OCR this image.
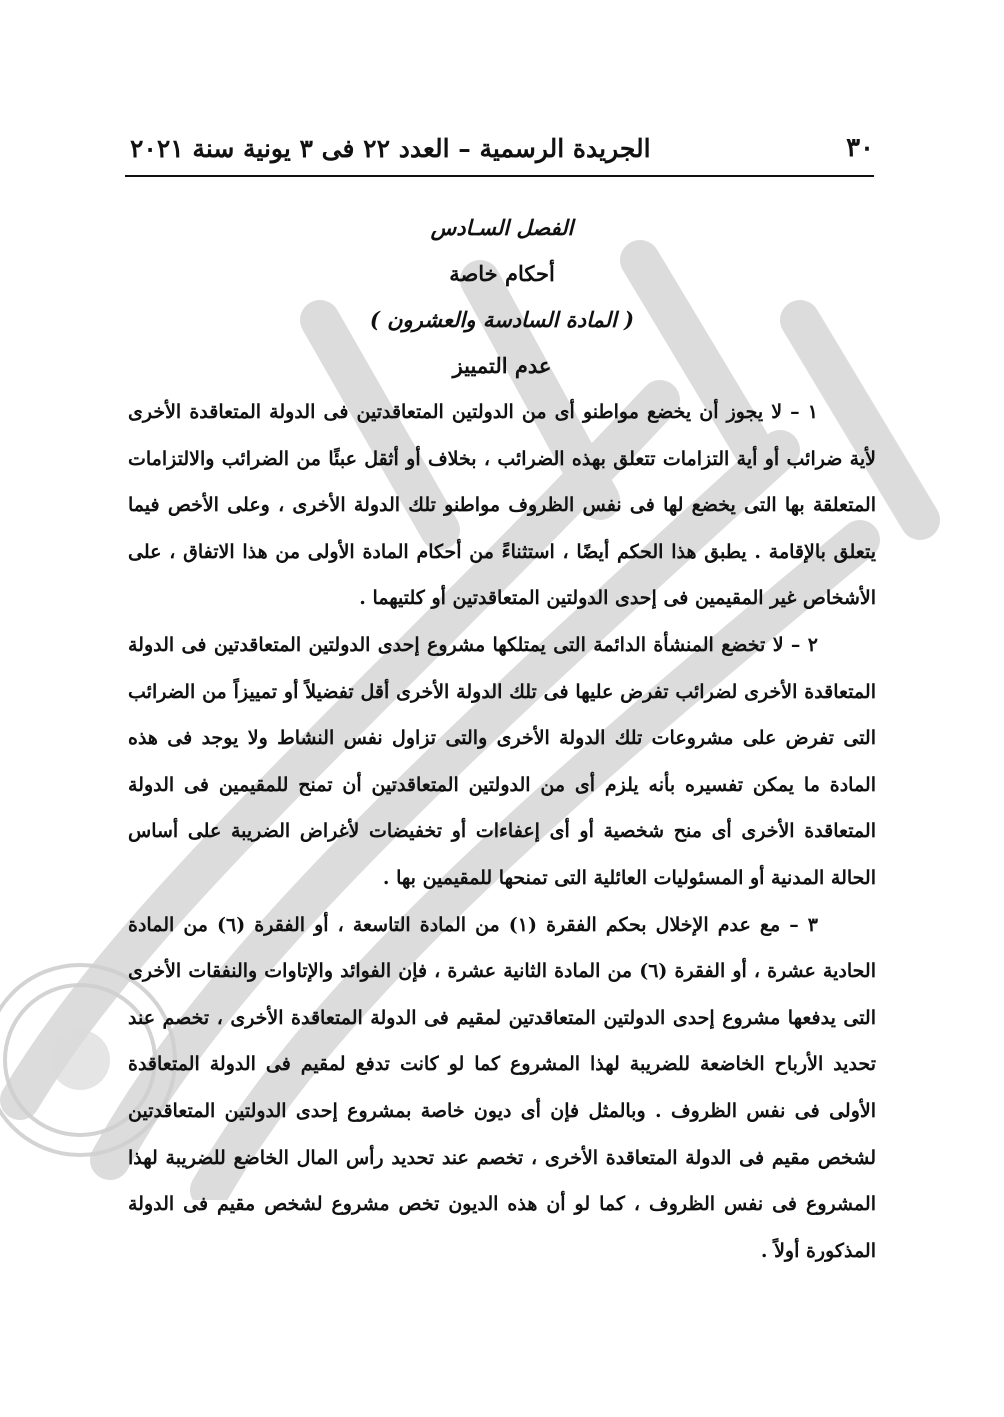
٣٠
الجريدة الرسمية – العدد ٢٢ فى ٣ يونية سنة ٢٠٢١

الفصل السـادس

أحكام خاصة

( المادة السادسة والعشرون )

عدم التمييز

١ – لا يجوز أن يخضع مواطنو أى من الدولتين المتعاقدتين فى الدولة المتعاقدة الأخرى لأية ضرائب أو أية التزامات تتعلق بهذه الضرائب ، بخلاف أو أثقل عبئًا من الضرائب والالتزامات المتعلقة بها التى يخضع لها فى نفس الظروف مواطنو تلك الدولة الأخرى ، وعلى الأخص فيما يتعلق بالإقامة . يطبق هذا الحكم أيضًا ، استثناءً من أحكام المادة الأولى من هذا الاتفاق ، على الأشخاص غير المقيمين فى إحدى الدولتين المتعاقدتين أو كلتيهما .

٢ – لا تخضع المنشأة الدائمة التى يمتلكها مشروع إحدى الدولتين المتعاقدتين فى الدولة المتعاقدة الأخرى لضرائب تفرض عليها فى تلك الدولة الأخرى أقل تفضيلاً أو تمييزاً من الضرائب التى تفرض على مشروعات تلك الدولة الأخرى والتى تزاول نفس النشاط ولا يوجد فى هذه المادة ما يمكن تفسيره بأنه يلزم أى من الدولتين المتعاقدتين أن تمنح للمقيمين فى الدولة المتعاقدة الأخرى أى منح شخصية أو أى إعفاءات أو تخفيضات لأغراض الضريبة على أساس الحالة المدنية أو المسئوليات العائلية التى تمنحها للمقيمين بها .

٣ – مع عدم الإخلال بحكم الفقرة (١) من المادة التاسعة ، أو الفقرة (٦) من المادة الحادية عشرة ، أو الفقرة (٦) من المادة الثانية عشرة ، فإن الفوائد والإتاوات والنفقات الأخرى التى يدفعها مشروع إحدى الدولتين المتعاقدتين لمقيم فى الدولة المتعاقدة الأخرى ، تخصم عند تحديد الأرباح الخاضعة للضريبة لهذا المشروع كما لو كانت تدفع لمقيم فى الدولة المتعاقدة الأولى فى نفس الظروف . وبالمثل فإن أى ديون خاصة بمشروع إحدى الدولتين المتعاقدتين لشخص مقيم فى الدولة المتعاقدة الأخرى ، تخصم عند تحديد رأس المال الخاضع للضريبة لهذا المشروع فى نفس الظروف ، كما لو أن هذه الديون تخص مشروع لشخص مقيم فى الدولة المذكورة أولاً .
